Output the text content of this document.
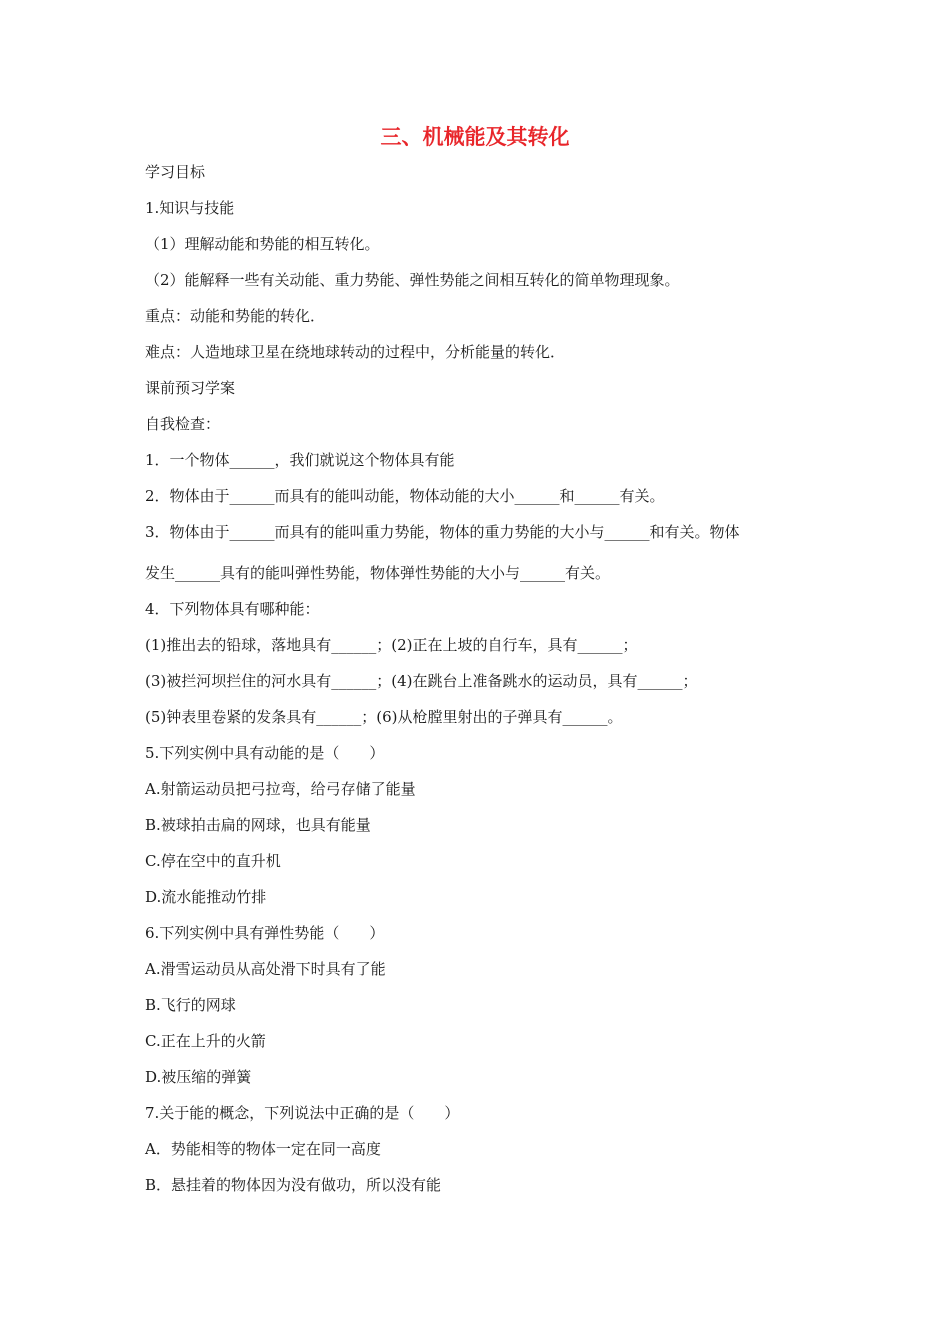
三、机械能及其转化

学习目标

1.知识与技能

（1）理解动能和势能的相互转化。

（2）能解释一些有关动能、重力势能、弹性势能之间相互转化的简单物理现象。

重点：动能和势能的转化．

难点：人造地球卫星在绕地球转动的过程中，分析能量的转化．

课前预习学案

自我检查：

1．一个物体______，我们就说这个物体具有能

2．物体由于______而具有的能叫动能，物体动能的大小______和______有关。

3．物体由于______而具有的能叫重力势能，物体的重力势能的大小与______和有关。物体

发生______具有的能叫弹性势能，物体弹性势能的大小与______有关。

4．下列物体具有哪种能：

(1)推出去的铅球，落地具有______；(2)正在上坡的自行车，具有______；

(3)被拦河坝拦住的河水具有______；(4)在跳台上准备跳水的运动员，具有______；

(5)钟表里卷紧的发条具有______；(6)从枪膛里射出的子弹具有______。

5.下列实例中具有动能的是（　　）

A.射箭运动员把弓拉弯，给弓存储了能量

B.被球拍击扁的网球，也具有能量

C.停在空中的直升机

D.流水能推动竹排

6.下列实例中具有弹性势能（　　）

A.滑雪运动员从高处滑下时具有了能

B.飞行的网球

C.正在上升的火箭

D.被压缩的弹簧

7.关于能的概念，下列说法中正确的是（　　）

A．势能相等的物体一定在同一高度

B．悬挂着的物体因为没有做功，所以没有能
